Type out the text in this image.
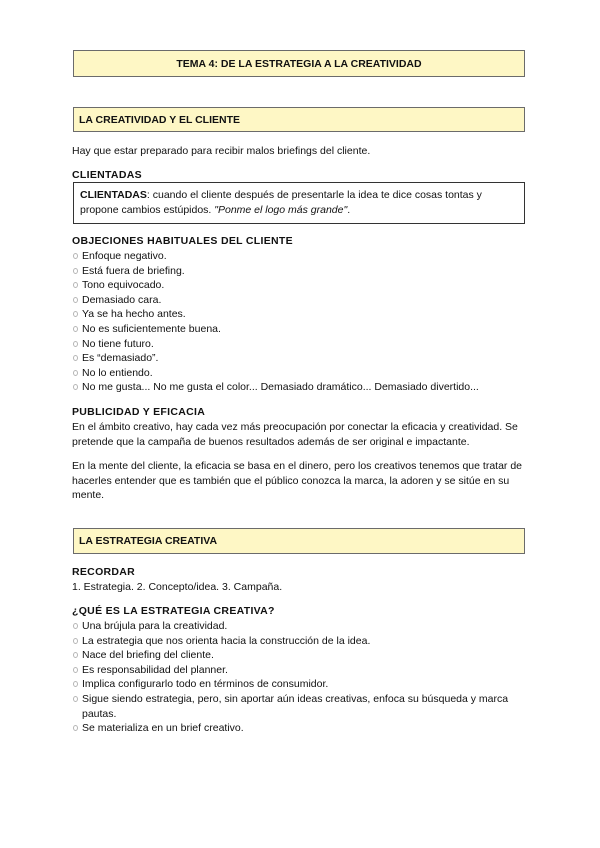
TEMA 4: DE LA ESTRATEGIA A LA CREATIVIDAD
LA CREATIVIDAD Y EL CLIENTE

Hay que estar preparado para recibir malos briefings del cliente.

CLIENTADAS
CLIENTADAS: cuando el cliente después de presentarle la idea te dice cosas tontas y propone cambios estúpidos. "Ponme el logo más grande".
OBJECIONES HABITUALES DEL CLIENTE
Enfoque negativo.
Está fuera de briefing.
Tono equivocado.
Demasiado cara.
Ya se ha hecho antes.
No es suficientemente buena.
No tiene futuro.
Es “demasiado”.
No lo entiendo.
No me gusta... No me gusta el color... Demasiado dramático... Demasiado divertido...
PUBLICIDAD Y EFICACIA

En el ámbito creativo, hay cada vez más preocupación por conectar la eficacia y creatividad. Se pretende que la campaña de buenos resultados además de ser original e impactante.

En la mente del cliente, la eficacia se basa en el dinero, pero los creativos tenemos que tratar de hacerles entender que es también que el público conozca la marca, la adoren y se sitúe en su mente.

LA ESTRATEGIA CREATIVA
RECORDAR

1. Estrategia. 2. Concepto/idea. 3. Campaña.

¿QUÉ ES LA ESTRATEGIA CREATIVA?
Una brújula para la creatividad.
La estrategia que nos orienta hacia la construcción de la idea.
Nace del briefing del cliente.
Es responsabilidad del planner.
Implica configurarlo todo en términos de consumidor.
Sigue siendo estrategia, pero, sin aportar aún ideas creativas, enfoca su búsqueda y marca pautas.
Se materializa en un brief creativo.
